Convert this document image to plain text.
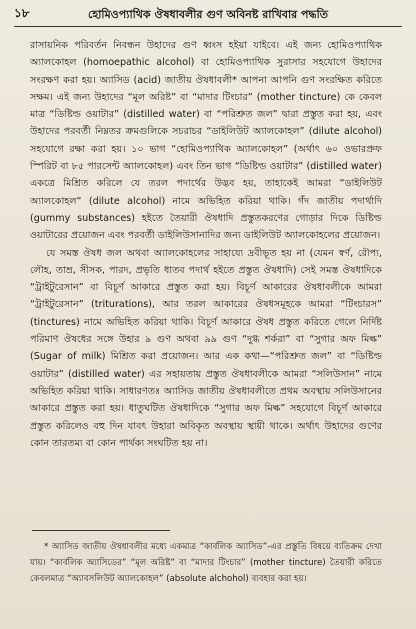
১৮	হোমিওপ্যাথিক ঔষধাবলীর গুণ অবিনষ্ট রাখিবার পদ্ধতি

রাসায়নিক পরিবর্তন নিবন্ধন উহাদের গুণ ধ্বংস হইয়া যাইবে। এই জন্য হোমিওপ্যাথিক অ্যালকোহল (homoepathic alcohol) বা হোমিওপ্যাথিক সুরাসার সহযোগে উহাদের সংরক্ষণ করা হয়। অ্যাসিড (acid) জাতীয় ঔষধাবলী* আপনা আপনি গুণ সংরক্ষিত করিতে সক্ষম। এই জন্য উহাদের “মূল অরিষ্ট” বা “মাদার টিংচার” (mother tincture) কে কেবল মাত্র “ডিষ্টিল্ড ওয়াটার” (distilled water) বা “পরিশ্রুত জল” দ্বারা প্রস্তুত করা হয়, এবং উহাদের পরবর্তী নিম্নতর ক্রমগুলিকে সচরাচর “ডাইলিউট অ্যালকোহল” (dilute alcohol) সহযোগে রক্ষা করা হয়। ১০ ভাগ “হোমিওপ্যাথিক অ্যালকোহল” (অর্থাৎ ৬০ ওভারপ্রুফ স্পিরিট বা ৮৫ পারসেন্ট অ্যালকোহল) এবং তিন ভাগ “ডিষ্টিল্ড ওয়াটার” (distilled water) একত্রে মিশ্রিত করিলে যে তরল পদার্থের উদ্ভব হয়, তাহাকেই আমরা “ডাইলিউট অ্যালকোহল” (dilute alcohol) নামে অভিহিত করিয়া থাকি। গঁদ জাতীয় পদার্থাদি (gummy substances) হইতে তৈয়ারী ঔষধাদি প্রস্তুতকরণের গোড়ার দিকে ডিষ্টিল্ড ওয়াটারের প্রয়োজন এবং পরবর্তী ডাইলিউসানাদির জন্য ডাইলিউট অ্যালকোহলের প্রয়োজন।

যে সমস্ত ঔষধ জল অথবা অ্যালকোহলের সাহায্যে দ্রবীভূত হয় না (যেমন স্বর্ণ, রৌপ্য, লৌহ, তাম্র, সীসক, পারদ, প্রভৃতি ধাতব পদার্থ হইতে প্রস্তুত ঔষধাদি) সেই সমস্ত ঔষধাদিকে “ট্রাইটুরেসান” বা বিচূর্ণ আকারে প্রস্তুত করা হয়। বিচূর্ণ আকারের ঔষধাবলীকে আমরা “ট্রাইটুরেসান” (triturations), আর তরল আকারের ঔষধসমূহকে আমরা “টিংচারস” (tinctures) নামে অভিহিত করিয়া থাকি। বিচূর্ণ আকারে ঔষধ প্রস্তুত করিতে গেলে নির্দিষ্ট পরিমাণ ঔষধের সঙ্গে উহার ৯ গুণ অথবা ৯৯ গুণ “দুগ্ধ শর্করা” বা “সুগার অফ মিল্ক” (Sugar of milk) মিশ্রিত করা প্রয়োজন। আর এক কথা—“পরিশ্রুত জল” বা “ডিষ্টিল্ড ওয়াটার” (distilled water) এর সহায়তায় প্রস্তুত ঔষধাবলীকে আমরা “সলিউসান” নামে অভিহিত করিয়া থাকি। সাধারণতঃ অ্যাসিড জাতীয় ঔষধাবলীতে প্রথম অবস্থায় সলিউসানের আকারে প্রস্তুত করা হয়। ধাতুঘটিত ঔষধাদিকে “সুগার অফ মিল্ক” সহযোগে বিচূর্ণ আকারে প্রস্তুত করিলেও বহু দিন যাবৎ উহারা অবিকৃত অবস্থায় স্থায়ী থাকে। অর্থাৎ উহাদের গুণের কোন তারতম্য বা কোন পার্থক্য সংঘটিত হয় না।

* অ্যাসিড জাতীয় ঔষধাবলীর মধ্যে একমাত্র “কার্বলিক অ্যাসিড”-এর প্রস্তুতি বিষয়ে ব্যতিক্রম দেখা যায়। “কার্বলিক অ্যাসিডের” “মূল অরিষ্ট” বা “মাদার টিংচার” (mother tincture) তৈয়ারী করিতে কেবলমাত্র “অ্যাবসলিউট অ্যালকোহল” (absolute alchohol) ব্যবহার করা হয়।
